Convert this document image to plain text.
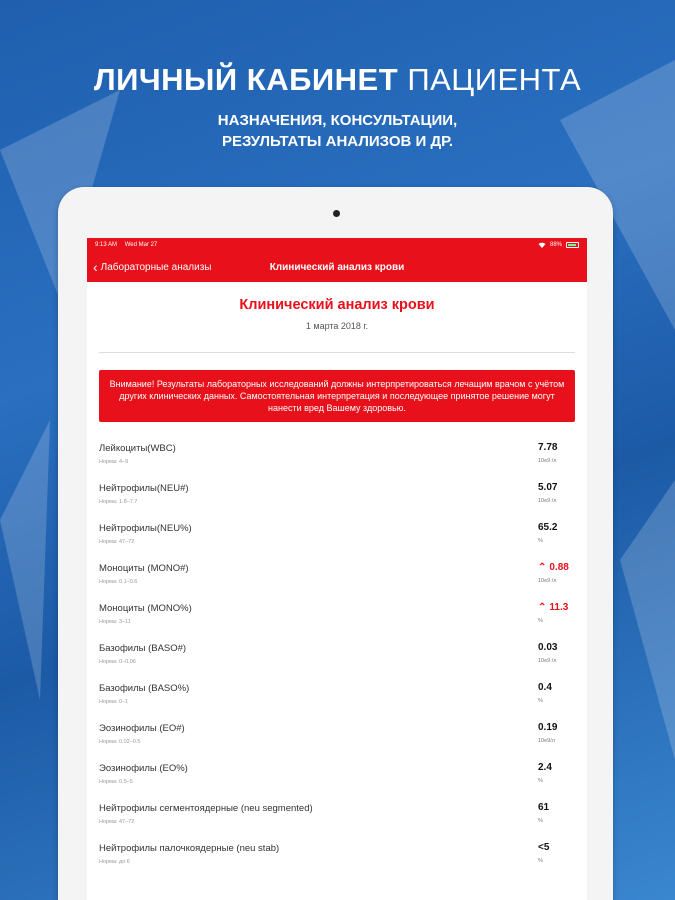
ЛИЧНЫЙ КАБИНЕТ ПАЦИЕНТА
НАЗНАЧЕНИЯ, КОНСУЛЬТАЦИИ,
РЕЗУЛЬТАТЫ АНАЛИЗОВ И ДР.
9:13 AM Wed Mar 27	88%
‹ Лабораторные анализы	Клинический анализ крови
Клинический анализ крови
1 марта 2018 г.
Внимание! Результаты лабораторных исследований должны интерпретироваться лечащим врачом с учётом других клинических данных. Самостоятельная интерпретация и последующее принятое решение могут нанести вред Вашему здоровью.
Лейкоциты(WBC)
Норма: 4–9
7.78
10e9 /л
Нейтрофилы(NEU#)
Норма: 1.8–7.7
5.07
10e9 /л
Нейтрофилы(NEU%)
Норма: 47–72
65.2
%
Моноциты (MONO#)
Норма: 0.1–0.6
⌃ 0.88
10e9 /л
Моноциты (MONO%)
Норма: 3–11
⌃ 11.3
%
Базофилы (BASO#)
Норма: 0–0.06
0.03
10e9 /л
Базофилы (BASO%)
Норма: 0–1
0.4
%
Эозинофилы (EO#)
Норма: 0.02–0.5
0.19
10e9/л
Эозинофилы (EO%)
Норма: 0.5–5
2.4
%
Нейтрофилы сегментоядерные (neu segmented)
Норма: 47–72
61
%
Нейтрофилы палочкоядерные (neu stab)
Норма: до 6
<5
%
